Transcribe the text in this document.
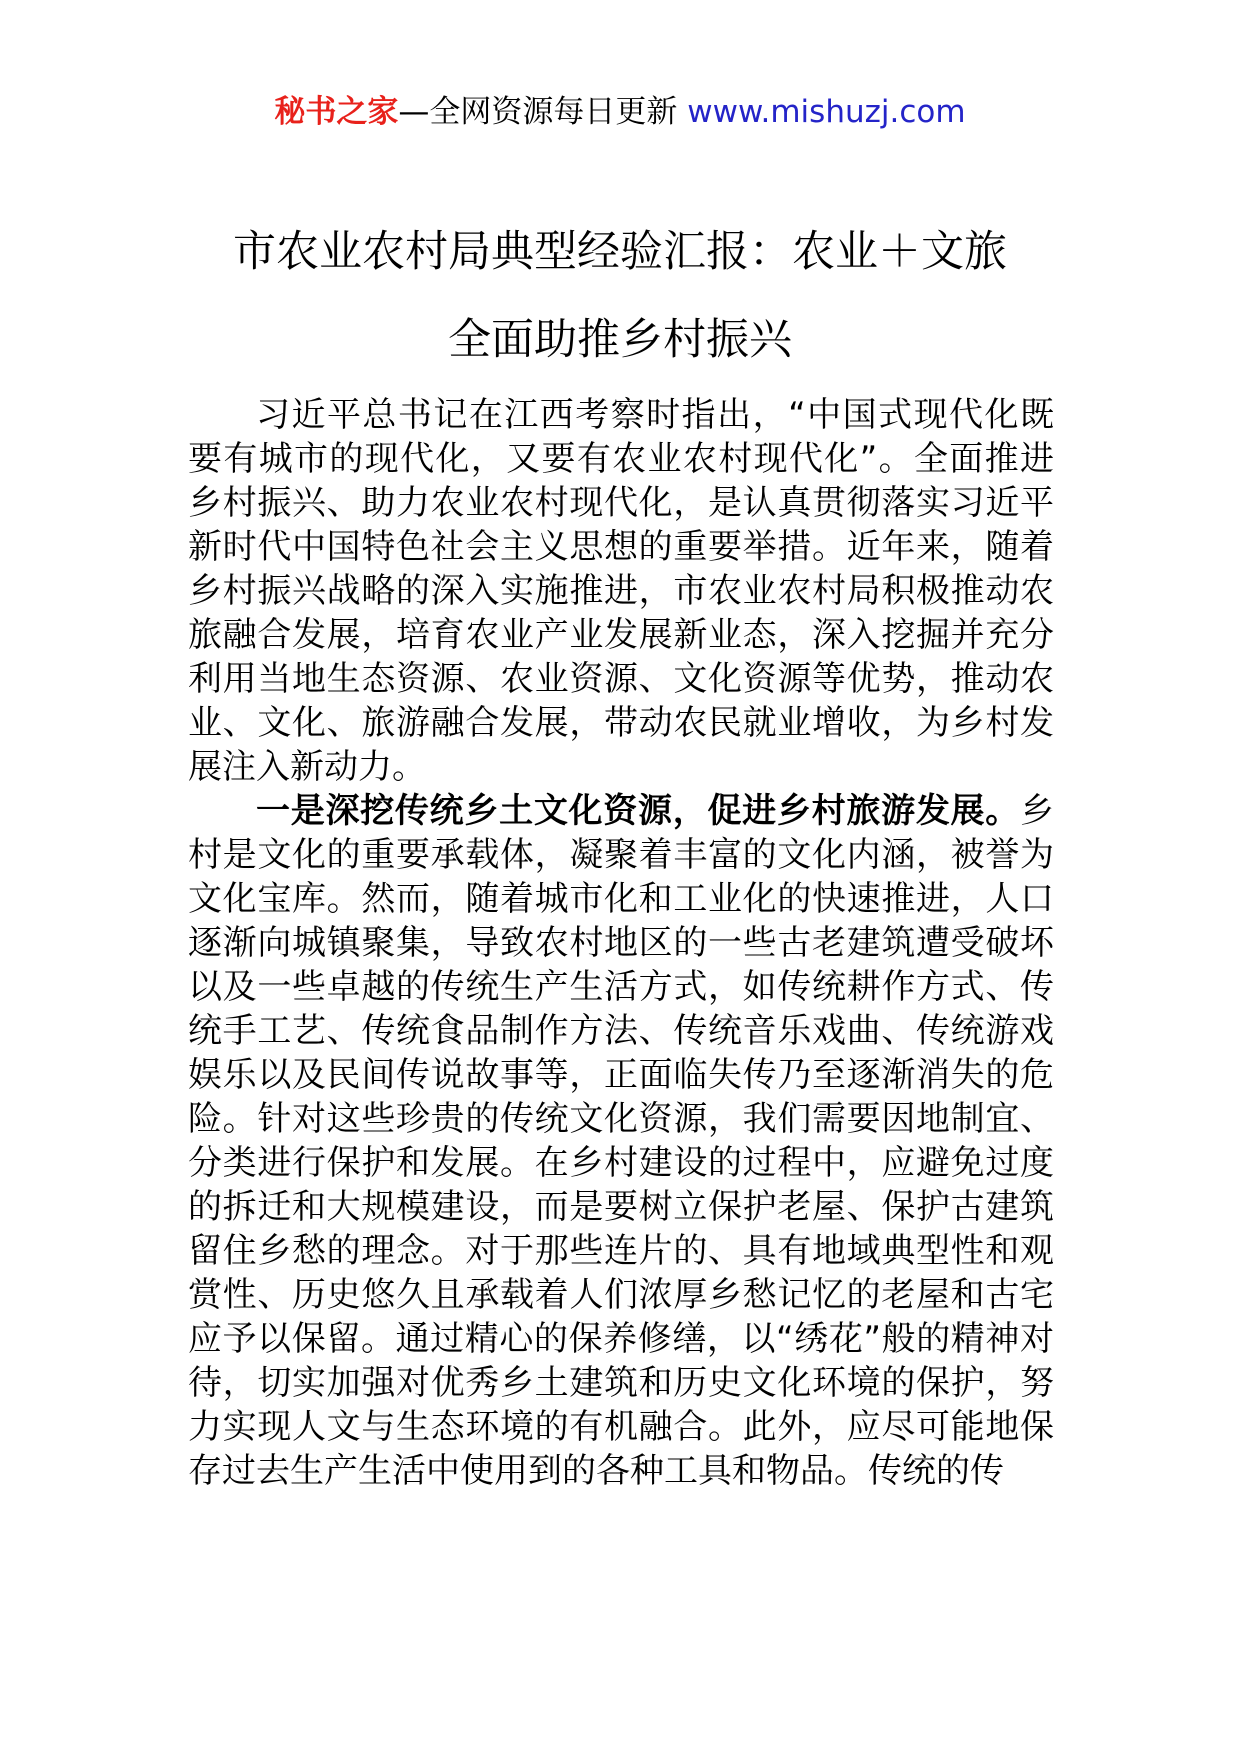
秘书之家—全网资源每日更新 www.mishuzj.com
市农业农村局典型经验汇报：农业＋文旅
全面助推乡村振兴

习近平总书记在江西考察时指出，“中国式现代化既要有城市的现代化，又要有农业农村现代化”。全面推进乡村振兴、助力农业农村现代化，是认真贯彻落实习近平新时代中国特色社会主义思想的重要举措。近年来，随着乡村振兴战略的深入实施推进，市农业农村局积极推动农旅融合发展，培育农业产业发展新业态，深入挖掘并充分利用当地生态资源、农业资源、文化资源等优势，推动农业、文化、旅游融合发展，带动农民就业增收，为乡村发展注入新动力。

一是深挖传统乡土文化资源，促进乡村旅游发展。乡村是文化的重要承载体，凝聚着丰富的文化内涵，被誉为文化宝库。然而，随着城市化和工业化的快速推进，人口逐渐向城镇聚集，导致农村地区的一些古老建筑遭受破坏以及一些卓越的传统生产生活方式，如传统耕作方式、传统手工艺、传统食品制作方法、传统音乐戏曲、传统游戏娱乐以及民间传说故事等，正面临失传乃至逐渐消失的危险。针对这些珍贵的传统文化资源，我们需要因地制宜、分类进行保护和发展。在乡村建设的过程中，应避免过度的拆迁和大规模建设，而是要树立保护老屋、保护古建筑留住乡愁的理念。对于那些连片的、具有地域典型性和观赏性、历史悠久且承载着人们浓厚乡愁记忆的老屋和古宅应予以保留。通过精心的保养修缮，以“绣花”般的精神对待，切实加强对优秀乡土建筑和历史文化环境的保护，努力实现人文与生态环境的有机融合。此外，应尽可能地保存过去生产生活中使用到的各种工具和物品。传统的传
